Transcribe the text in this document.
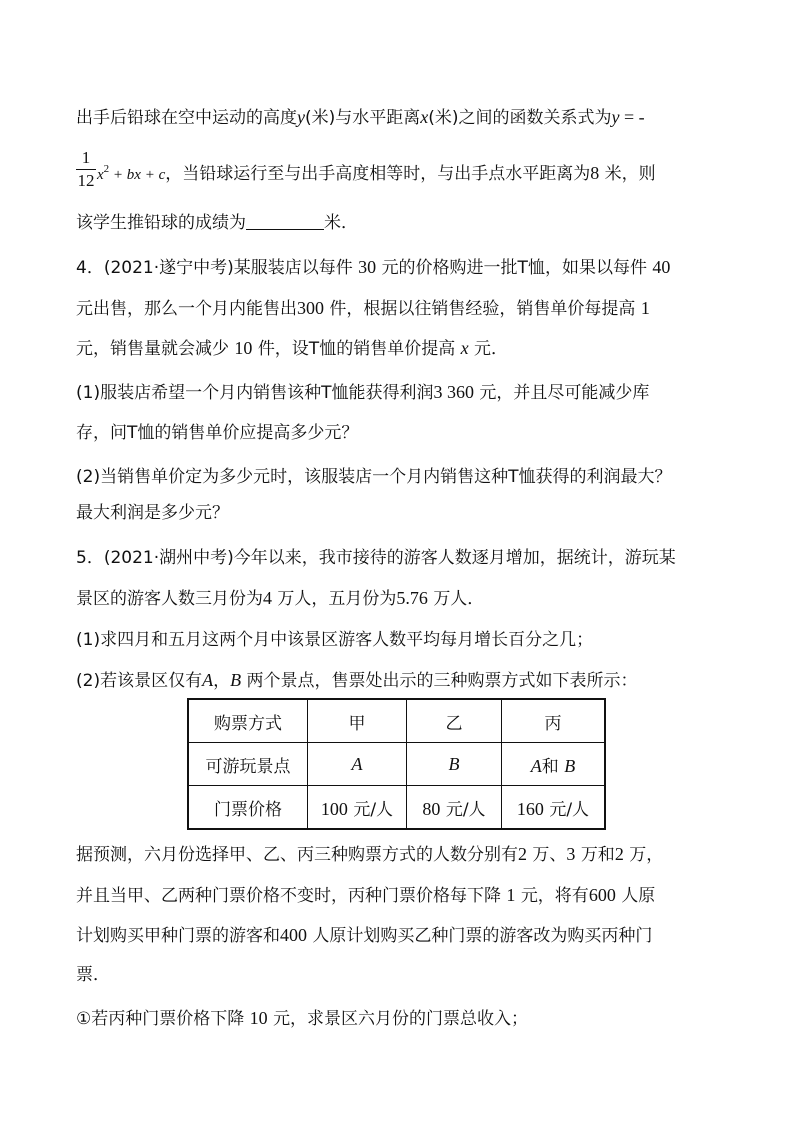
出手后铅球在空中运动的高度y(米)与水平距离x(米)之间的函数关系式为y = -
$\frac{1}{12} x^2$ + bx + c，当铅球运行至与出手高度相等时，与出手点水平距离为8 米，则
该学生推铅球的成绩为	米．
4．(2021·遂宁中考)某服装店以每件 30 元的价格购进一批T恤，如果以每件 40
元出售，那么一个月内能售出300 件，根据以往销售经验，销售单价每提高 1
元，销售量就会减少 10 件，设T恤的销售单价提高 x 元．
(1)服装店希望一个月内销售该种T恤能获得利润3 360 元，并且尽可能减少库
存，问T恤的销售单价应提高多少元？
(2)当销售单价定为多少元时，该服装店一个月内销售这种T恤获得的利润最大？
最大利润是多少元？
5．(2021·湖州中考)今年以来，我市接待的游客人数逐月增加，据统计，游玩某
景区的游客人数三月份为4 万人，五月份为5.76 万人．
(1)求四月和五月这两个月中该景区游客人数平均每月增长百分之几；
(2)若该景区仅有A，B 两个景点，售票处出示的三种购票方式如下表所示：
购票方式	甲	乙	丙
可游玩景点	A	B	A和 B
门票价格	100 元/人	80 元/人	160 元/人
据预测，六月份选择甲、乙、丙三种购票方式的人数分别有2 万、3 万和2 万，
并且当甲、乙两种门票价格不变时，丙种门票价格每下降 1 元，将有600 人原
计划购买甲种门票的游客和400 人原计划购买乙种门票的游客改为购买丙种门
票．
①若丙种门票价格下降 10 元，求景区六月份的门票总收入；
